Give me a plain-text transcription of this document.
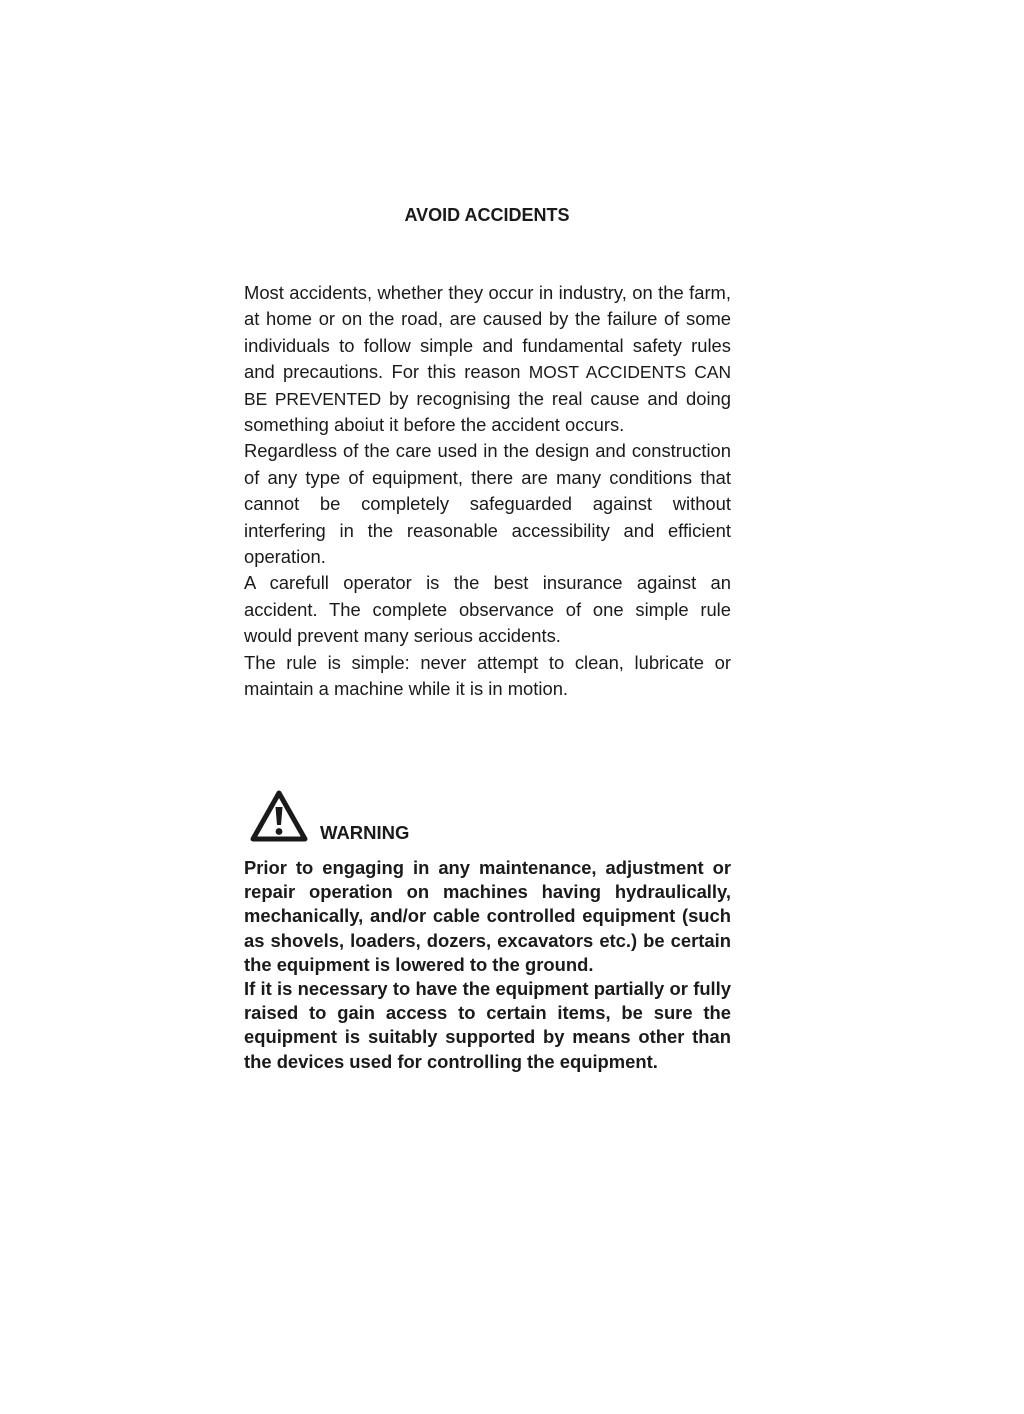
AVOID ACCIDENTS

Most accidents, whether they occur in industry, on the farm, at home or on the road, are caused by the failure of some individuals to follow simple and fundamental safety rules and precautions. For this reason MOST ACCIDENTS CAN BE PREVENTED by recognising the real cause and doing something aboiut it before the accident occurs.

Regardless of the care used in the design and construction of any type of equipment, there are many conditions that cannot be completely safeguarded against without interfering in the reasonable accessibility and efficient operation.

A carefull operator is the best insurance against an accident. The complete observance of one simple rule would prevent many serious accidents.

The rule is simple: never attempt to clean, lubricate or maintain a machine while it is in motion.

WARNING

Prior to engaging in any maintenance, adjustment or repair operation on machines having hydraulically, mechanically, and/or cable controlled equipment (such as shovels, loaders, dozers, excavators etc.) be certain the equipment is lowered to the ground.

If it is necessary to have the equipment partially or fully raised to gain access to certain items, be sure the equipment is suitably supported by means other than the devices used for controlling the equipment.
